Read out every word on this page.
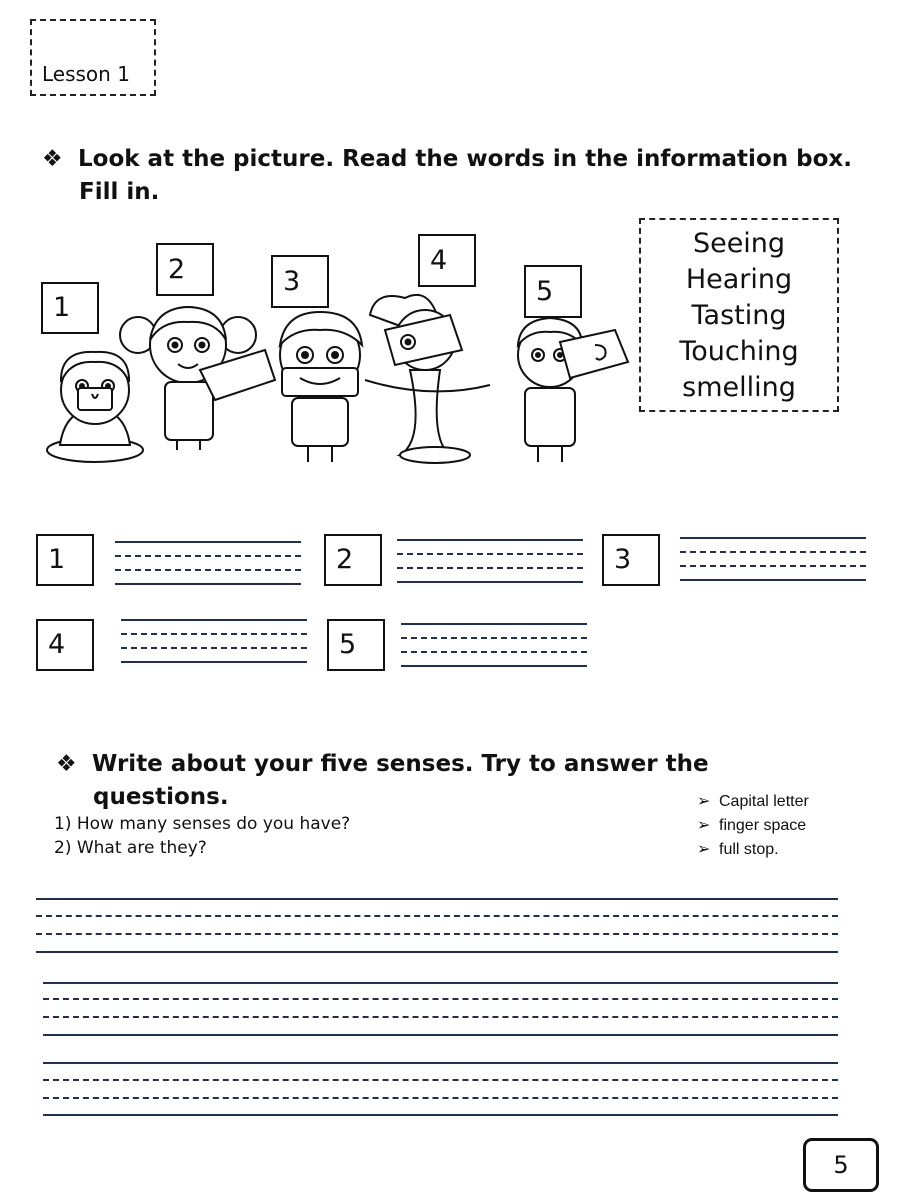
Lesson 1
❖ Look at the picture. Read the words in the information box.
Fill in.
1
2	3
4
5
Seeing
Hearing
Tasting
Touching
smelling
1	2	3
4	5
❖ Write about your five senses. Try to answer the
questions.
1) How many senses do you have?
2) What are they?
➢ Capital letter
➢ finger space
➢ full stop.
5
